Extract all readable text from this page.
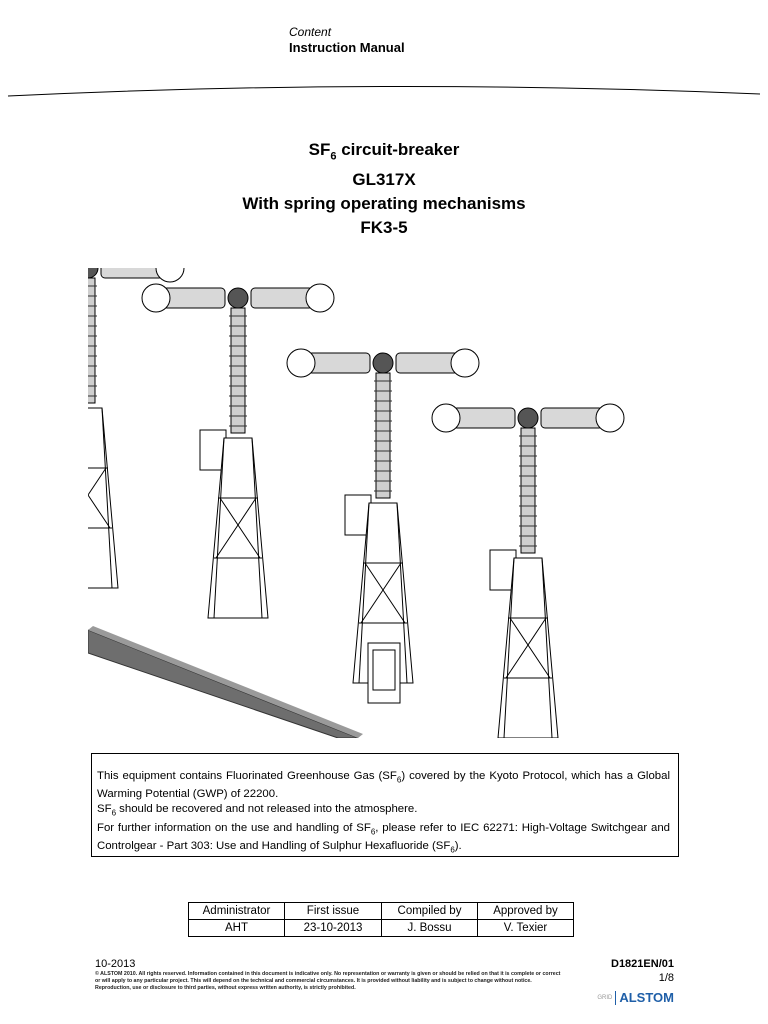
Content
Instruction Manual
$SF_6$ circuit-breaker
GL317X
With spring operating mechanisms
FK3-5

This equipment contains Fluorinated Greenhouse Gas $(SF_6)$ covered by the Kyoto Protocol, which has a Global Warming Potential (GWP) of 22200.

$SF_6$ should be recovered and not released into the atmosphere.

For further information on the use and handling of $SF_6$, please refer to IEC 62271: High-Voltage Switchgear and Controlgear - Part 303: Use and Handling of Sulphur Hexafluoride $(SF_6)$.

Administrator	First issue	Compiled by	Approved by
AHT	23-10-2013	J. Bossu	V. Texier
10-2013	D1821EN/01
1/8
© ALSTOM 2010. All rights reserved. Information contained in this document is indicative only. No representation or warranty is given or should be relied on that it is complete or correct or will apply to any particular project. This will depend on the technical and commercial circumstances. It is provided without liability and is subject to change without notice. Reproduction, use or disclosure to third parties, without express written authority, is strictly prohibited.
GRID ALSTOM
